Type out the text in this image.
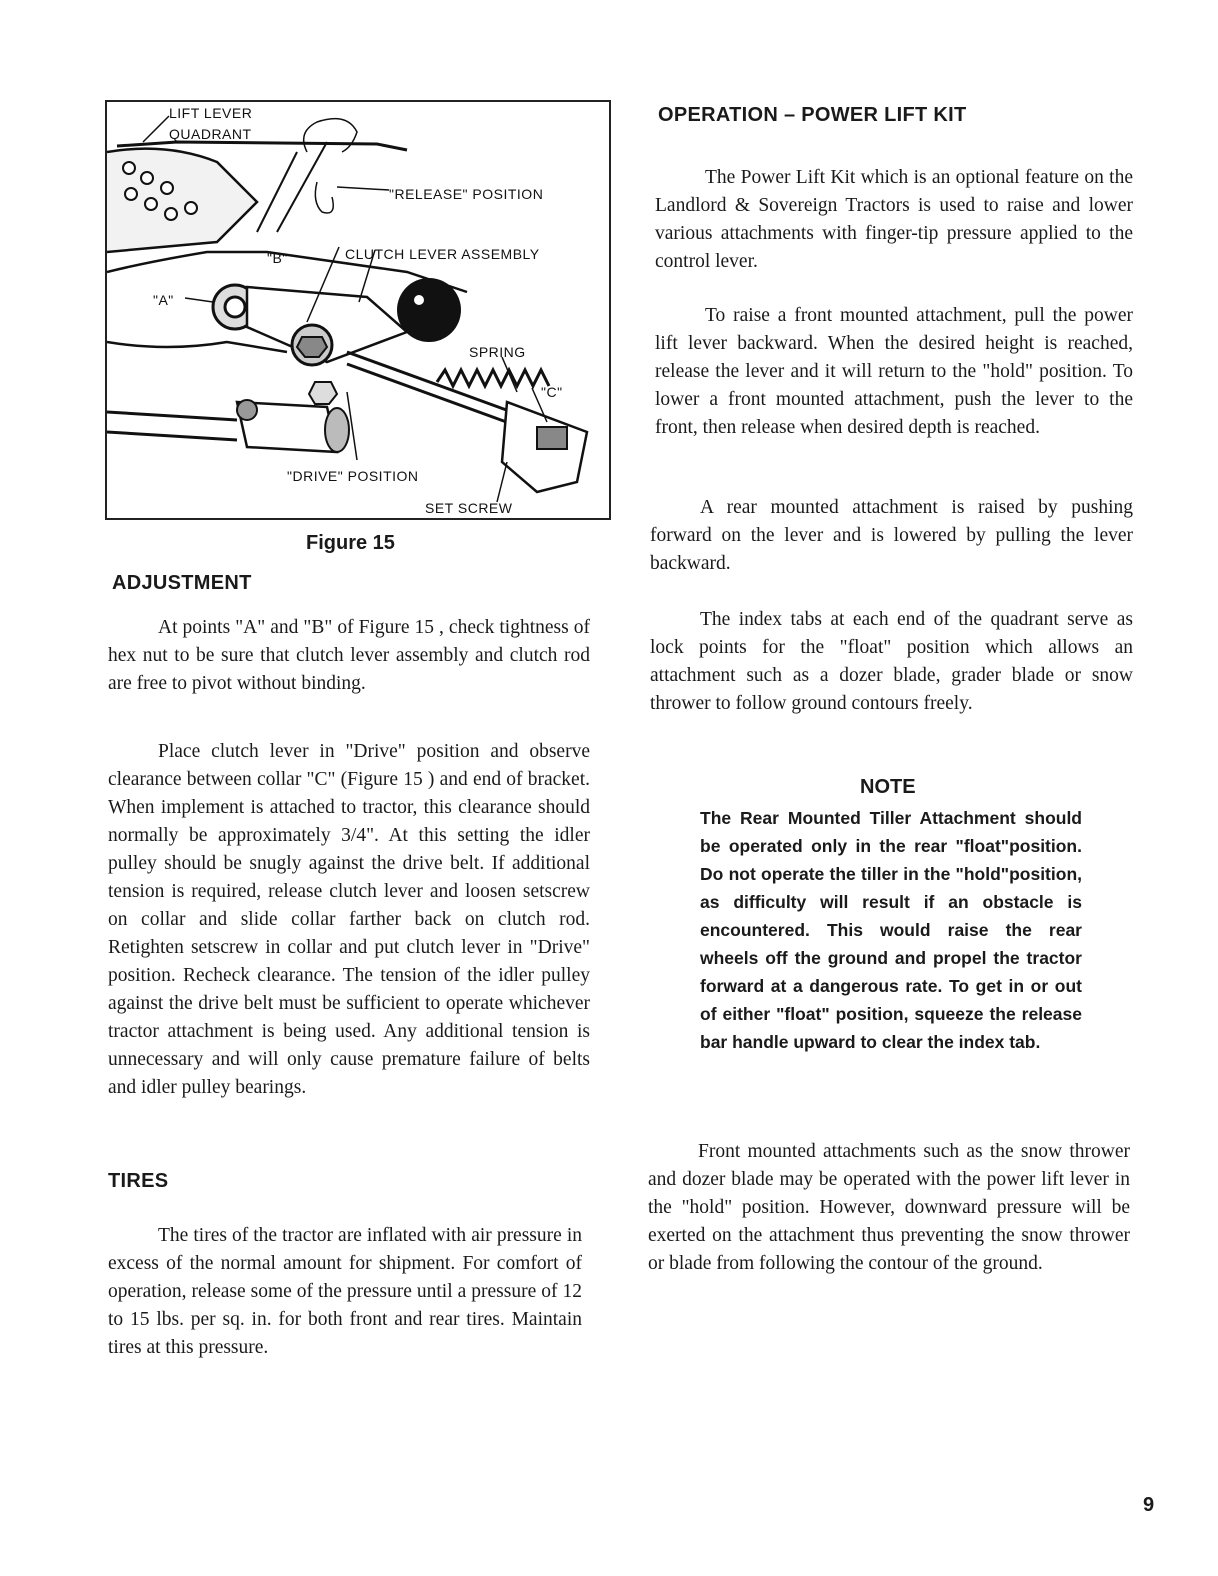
LIFT LEVER
QUADRANT
"RELEASE" POSITION
"B"	CLUTCH LEVER ASSEMBLY
"A"
SPRING
"C"
"DRIVE" POSITION
SET SCREW
Figure 15
ADJUSTMENT

At points "A" and "B" of Figure 15 , check tightness of hex nut to be sure that clutch lever assembly and clutch rod are free to pivot without binding.

Place clutch lever in "Drive" position and observe clearance between collar "C" (Figure 15 ) and end of bracket. When implement is attached to tractor, this clearance should normally be approximately 3/4". At this setting the idler pulley should be snugly against the drive belt. If additional tension is required, release clutch lever and loosen setscrew on collar and slide collar farther back on clutch rod. Retighten setscrew in collar and put clutch lever in "Drive" position. Recheck clearance. The tension of the idler pulley against the drive belt must be sufficient to operate whichever tractor attachment is being used. Any additional tension is unnecessary and will only cause premature failure of belts and idler pulley bearings.

TIRES

The tires of the tractor are inflated with air pressure in excess of the normal amount for shipment. For comfort of operation, release some of the pressure until a pressure of 12 to 15 lbs. per sq. in. for both front and rear tires. Maintain tires at this pressure.

OPERATION – POWER LIFT KIT

The Power Lift Kit which is an optional feature on the Landlord & Sovereign Tractors is used to raise and lower various attachments with finger-tip pressure applied to the control lever.

To raise a front mounted attachment, pull the power lift lever backward. When the desired height is reached, release the lever and it will return to the "hold" position. To lower a front mounted attachment, push the lever to the front, then release when desired depth is reached.

A rear mounted attachment is raised by pushing forward on the lever and is lowered by pulling the lever backward.

The index tabs at each end of the quadrant serve as lock points for the "float" position which allows an attachment such as a dozer blade, grader blade or snow thrower to follow ground contours freely.

NOTE

The Rear Mounted Tiller Attachment should be operated only in the rear "float"position. Do not operate the tiller in the "hold"position, as difficulty will result if an obstacle is encountered. This would raise the rear wheels off the ground and propel the tractor forward at a dangerous rate. To get in or out of either "float" position, squeeze the release bar handle upward to clear the index tab.

Front mounted attachments such as the snow thrower and dozer blade may be operated with the power lift lever in the "hold" position. However, downward pressure will be exerted on the attachment thus preventing the snow thrower or blade from following the contour of the ground.

9
